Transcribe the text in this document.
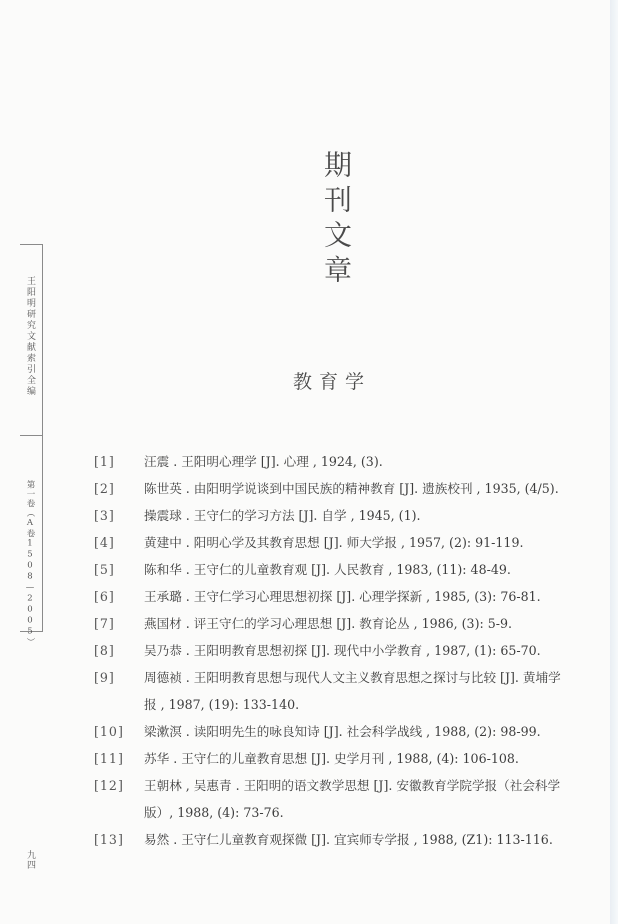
王阳明研究文献索引全编
第一卷（A卷1508—2005）
期刊文章
教育学
[1]	汪震 . 王阳明心理学 [J]. 心理 , 1924, (3).
[2]	陈世英 . 由阳明学说谈到中国民族的精神教育 [J]. 遗族校刊 , 1935, (4/5).
[3]	操震球 . 王守仁的学习方法 [J]. 自学 , 1945, (1).
[4]	黄建中 . 阳明心学及其教育思想 [J]. 师大学报 , 1957, (2): 91-119.
[5]	陈和华 . 王守仁的儿童教育观 [J]. 人民教育 , 1983, (11): 48-49.
[6]	王承璐 . 王守仁学习心理思想初探 [J]. 心理学探新 , 1985, (3): 76-81.
[7]	燕国材 . 评王守仁的学习心理思想 [J]. 教育论丛 , 1986, (3): 5-9.
[8]	吴乃恭 . 王阳明教育思想初探 [J]. 现代中小学教育 , 1987, (1): 65-70.
[9]	周德祯 . 王阳明教育思想与现代人文主义教育思想之探讨与比较 [J]. 黄埔学报 , 1987, (19): 133-140.
[10]	梁漱溟 . 读阳明先生的咏良知诗 [J]. 社会科学战线 , 1988, (2): 98-99.
[11]	苏华 . 王守仁的儿童教育思想 [J]. 史学月刊 , 1988, (4): 106-108.
[12]	王朝林 , 吴惠青 . 王阳明的语文教学思想 [J]. 安徽教育学院学报（社会科学版）, 1988, (4): 73-76.
[13]	易然 . 王守仁儿童教育观探微 [J]. 宜宾师专学报 , 1988, (Z1): 113-116.
九四
